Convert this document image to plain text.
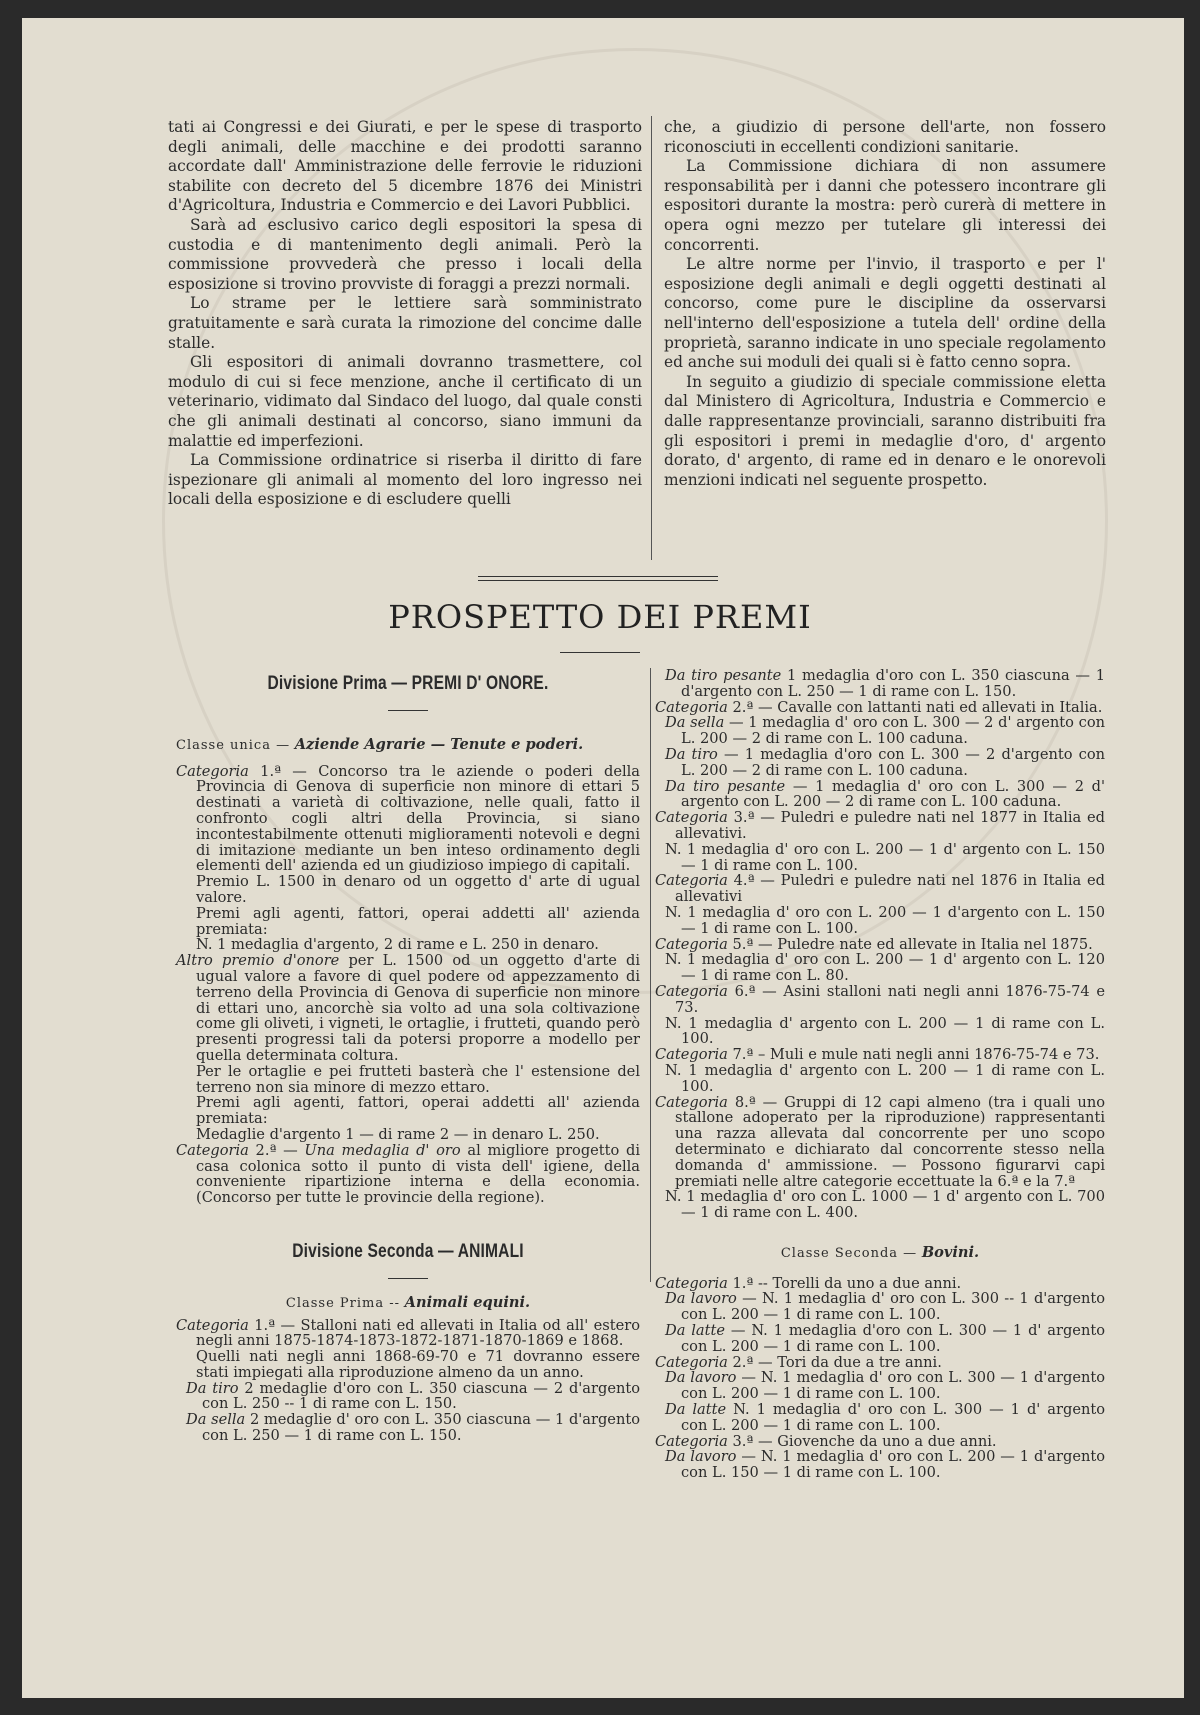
tati ai Congressi e dei Giurati, e per le spese di trasporto degli animali, delle macchine e dei prodotti saranno accordate dall' Amministrazione delle ferrovie le riduzioni stabilite con decreto del 5 dicembre 1876 dei Ministri d'Agricoltura, Industria e Commercio e dei Lavori Pubblici.

Sarà ad esclusivo carico degli espositori la spesa di custodia e di mantenimento degli animali. Però la commissione provvederà che presso i locali della esposizione si trovino provviste di foraggi a prezzi normali.

Lo strame per le lettiere sarà somministrato gratuitamente e sarà curata la rimozione del concime dalle stalle.

Gli espositori di animali dovranno trasmettere, col modulo di cui si fece menzione, anche il certificato di un veterinario, vidimato dal Sindaco del luogo, dal quale consti che gli animali destinati al concorso, siano immuni da malattie ed imperfezioni.

La Commissione ordinatrice si riserba il diritto di fare ispezionare gli animali al momento del loro ingresso nei locali della esposizione e di escludere quelli

che, a giudizio di persone dell'arte, non fossero riconosciuti in eccellenti condizioni sanitarie.

La Commissione dichiara di non assumere responsabilità per i danni che potessero incontrare gli espositori durante la mostra: però curerà di mettere in opera ogni mezzo per tutelare gli interessi dei concorrenti.

Le altre norme per l'invio, il trasporto e per l' esposizione degli animali e degli oggetti destinati al concorso, come pure le discipline da osservarsi nell'interno dell'esposizione a tutela dell' ordine della proprietà, saranno indicate in uno speciale regolamento ed anche sui moduli dei quali si è fatto cenno sopra.

In seguito a giudizio di speciale commissione eletta dal Ministero di Agricoltura, Industria e Commercio e dalle rappresentanze provinciali, saranno distribuiti fra gli espositori i premi in medaglie d'oro, d' argento dorato, d' argento, di rame ed in denaro e le onorevoli menzioni indicati nel seguente prospetto.

PROSPETTO DEI PREMI
Divisione Prima — PREMI D' ONORE.
Classe unica — Aziende Agrarie — Tenute e poderi.
Categoria 1.ª — Concorso tra le aziende o poderi della Provincia di Genova di superficie non minore di ettari 5 destinati a varietà di coltivazione, nelle quali, fatto il confronto cogli altri della Provincia, si siano incontestabilmente ottenuti miglioramenti notevoli e degni di imitazione mediante un ben inteso ordinamento degli elementi dell' azienda ed un giudizioso impiego di capitali.
Premio L. 1500 in denaro od un oggetto d' arte di ugual valore.
Premi agli agenti, fattori, operai addetti all' azienda premiata:
N. 1 medaglia d'argento, 2 di rame e L. 250 in denaro.
Altro premio d'onore per L. 1500 od un oggetto d'arte di ugual valore a favore di quel podere od appezzamento di terreno della Provincia di Genova di superficie non minore di ettari uno, ancorchè sia volto ad una sola coltivazione come gli oliveti, i vigneti, le ortaglie, i frutteti, quando però presenti progressi tali da potersi proporre a modello per quella determinata coltura.
Per le ortaglie e pei frutteti basterà che l' estensione del terreno non sia minore di mezzo ettaro.
Premi agli agenti, fattori, operai addetti all' azienda premiata:
Medaglie d'argento 1 — di rame 2 — in denaro L. 250.
Categoria 2.ª — Una medaglia d' oro al migliore progetto di casa colonica sotto il punto di vista dell' igiene, della conveniente ripartizione interna e della economia. (Concorso per tutte le provincie della regione).
Divisione Seconda — ANIMALI
Classe Prima -- Animali equini.
Categoria 1.ª — Stalloni nati ed allevati in Italia od all' estero negli anni 1875-1874-1873-1872-1871-1870-1869 e 1868.
Quelli nati negli anni 1868-69-70 e 71 dovranno essere stati impiegati alla riproduzione almeno da un anno.
Da tiro 2 medaglie d'oro con L. 350 ciascuna — 2 d'argento con L. 250 -- 1 di rame con L. 150.
Da sella 2 medaglie d' oro con L. 350 ciascuna — 1 d'argento con L. 250 — 1 di rame con L. 150.
Da tiro pesante 1 medaglia d'oro con L. 350 ciascuna — 1 d'argento con L. 250 — 1 di rame con L. 150.
Categoria 2.ª — Cavalle con lattanti nati ed allevati in Italia.
Da sella — 1 medaglia d' oro con L. 300 — 2 d' argento con L. 200 — 2 di rame con L. 100 caduna.
Da tiro — 1 medaglia d'oro con L. 300 — 2 d'argento con L. 200 — 2 di rame con L. 100 caduna.
Da tiro pesante — 1 medaglia d' oro con L. 300 — 2 d' argento con L. 200 — 2 di rame con L. 100 caduna.
Categoria 3.ª — Puledri e puledre nati nel 1877 in Italia ed allevativi.
N. 1 medaglia d' oro con L. 200 — 1 d' argento con L. 150 — 1 di rame con L. 100.
Categoria 4.ª — Puledri e puledre nati nel 1876 in Italia ed allevativi
N. 1 medaglia d' oro con L. 200 — 1 d'argento con L. 150 — 1 di rame con L. 100.
Categoria 5.ª — Puledre nate ed allevate in Italia nel 1875.
N. 1 medaglia d' oro con L. 200 — 1 d' argento con L. 120 — 1 di rame con L. 80.
Categoria 6.ª — Asini stalloni nati negli anni 1876-75-74 e 73.
N. 1 medaglia d' argento con L. 200 — 1 di rame con L. 100.
Categoria 7.ª – Muli e mule nati negli anni 1876-75-74 e 73.
N. 1 medaglia d' argento con L. 200 — 1 di rame con L. 100.
Categoria 8.ª — Gruppi di 12 capi almeno (tra i quali uno stallone adoperato per la riproduzione) rappresentanti una razza allevata dal concorrente per uno scopo determinato e dichiarato dal concorrente stesso nella domanda d' ammissione. — Possono figurarvi capi premiati nelle altre categorie eccettuate la 6.ª e la 7.ª
N. 1 medaglia d' oro con L. 1000 — 1 d' argento con L. 700 — 1 di rame con L. 400.
Classe Seconda — Bovini.
Categoria 1.ª -- Torelli da uno a due anni.
Da lavoro — N. 1 medaglia d' oro con L. 300 -- 1 d'argento con L. 200 — 1 di rame con L. 100.
Da latte — N. 1 medaglia d'oro con L. 300 — 1 d' argento con L. 200 — 1 di rame con L. 100.
Categoria 2.ª — Tori da due a tre anni.
Da lavoro — N. 1 medaglia d' oro con L. 300 — 1 d'argento con L. 200 — 1 di rame con L. 100.
Da latte N. 1 medaglia d' oro con L. 300 — 1 d' argento con L. 200 — 1 di rame con L. 100.
Categoria 3.ª — Giovenche da uno a due anni.
Da lavoro — N. 1 medaglia d' oro con L. 200 — 1 d'argento con L. 150 — 1 di rame con L. 100.
